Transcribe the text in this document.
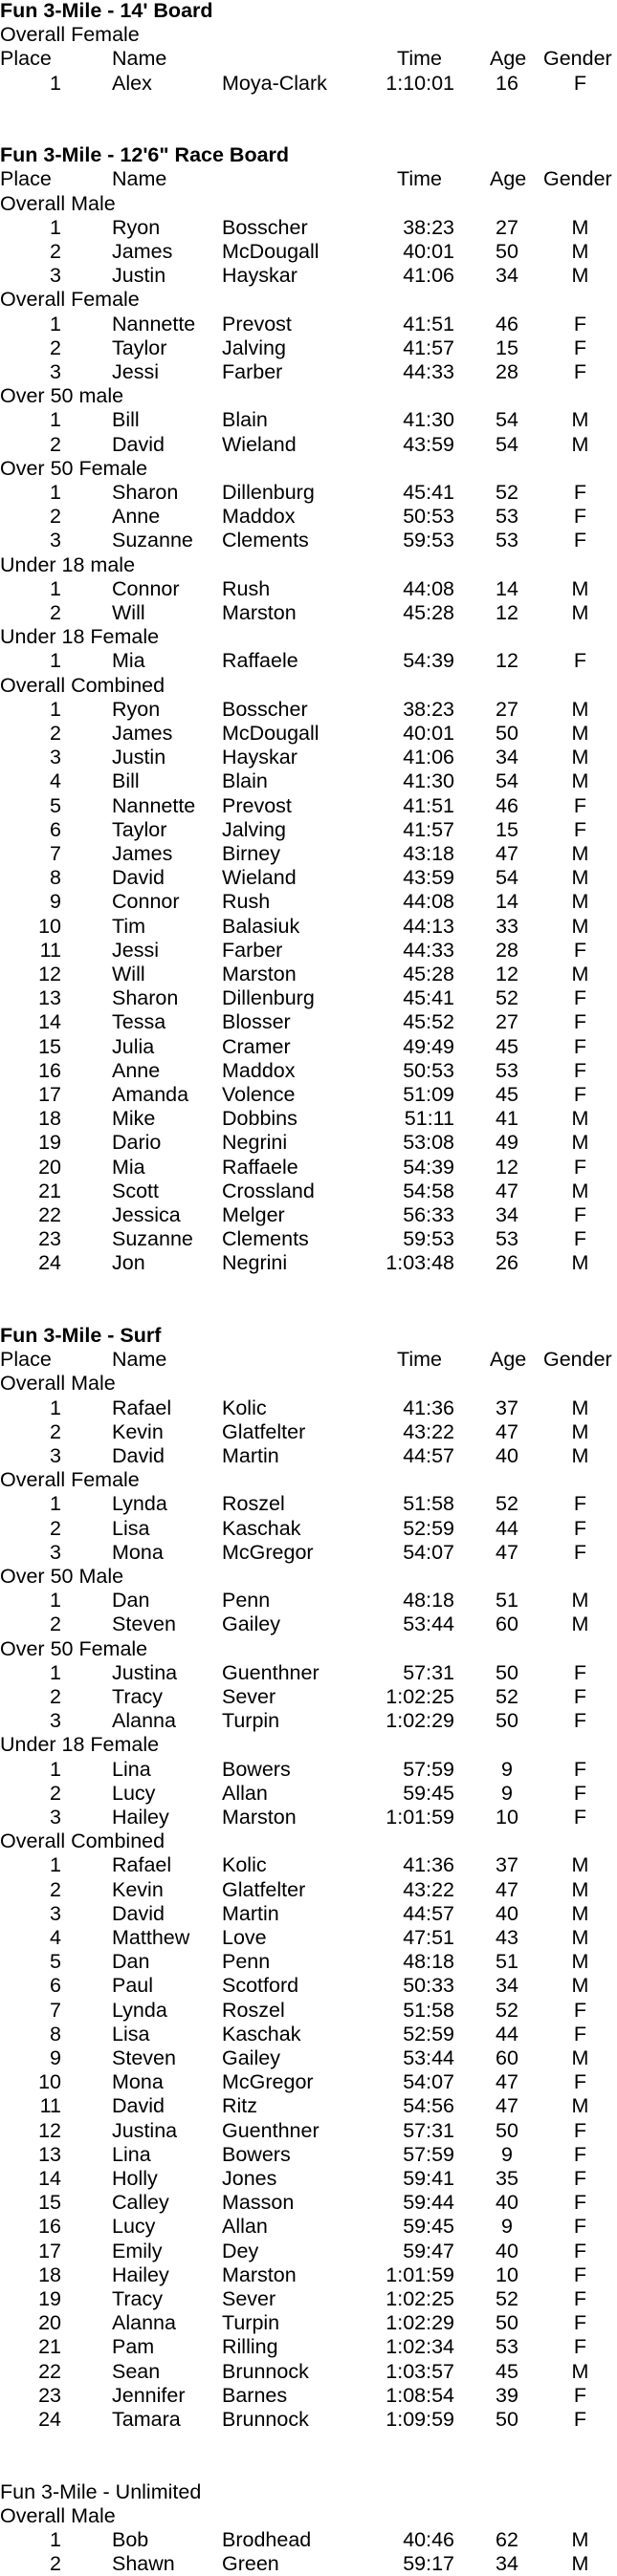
Fun 3-Mile - 14' Board
Overall Female
Place	Name	Time Age Gender
1 Alex	Moya-Clark	1:10:01 16	F
Fun 3-Mile - 12'6" Race Board
Place	Name	Time Age Gender
Overall Male
1 Ryon	Bosscher	38:23 27	M
2 James McDougall	40:01 50	M
3 Justin	Hayskar	41:06 34	M
Overall Female
1 Nannette Prevost	41:51 46	F
2 Taylor	Jalving	41:57 15	F
3 Jessi	Farber	44:33 28	F
Over 50 male
1 Bill	Blain	41:30 54	M
2 David	Wieland	43:59 54	M
Over 50 Female
1 Sharon Dillenburg	45:41 52	F
2 Anne	Maddox	50:53 53	F
3 Suzanne Clements	59:53 53	F
Under 18 male
1 Connor Rush	44:08 14	M
2 Will	Marston	45:28 12	M
Under 18 Female
1 Mia	Raffaele	54:39 12	F
Overall Combined
1 Ryon	Bosscher	38:23 27	M
2 James McDougall	40:01 50	M
3 Justin	Hayskar	41:06 34	M
4 Bill	Blain	41:30 54	M
5 Nannette Prevost	41:51 46	F
6 Taylor	Jalving	41:57 15	F
7 James Birney	43:18 47	M
8 David	Wieland	43:59 54	M
9 Connor Rush	44:08 14	M
10 Tim	Balasiuk	44:13 33	M
11 Jessi	Farber	44:33 28	F
12 Will	Marston	45:28 12	M
13 Sharon Dillenburg	45:41 52	F
14 Tessa	Blosser	45:52 27	F
15 Julia	Cramer	49:49 45	F
16 Anne	Maddox	50:53 53	F
17 Amanda Volence	51:09 45	F
18 Mike	Dobbins	51:11 41	M
19 Dario	Negrini	53:08 49	M
20 Mia	Raffaele	54:39 12	F
21 Scott	Crossland	54:58 47	M
22 Jessica Melger	56:33 34	F
23 Suzanne Clements	59:53 53	F
24 Jon	Negrini	1:03:48 26	M
Fun 3-Mile - Surf
Place	Name	Time Age Gender
Overall Male
1 Rafael Kolic	41:36 37	M
2 Kevin	Glatfelter	43:22 47	M
3 David	Martin	44:57 40	M
Overall Female
1 Lynda	Roszel	51:58 52	F
2 Lisa	Kaschak	52:59 44	F
3 Mona	McGregor	54:07 47	F
Over 50 Male
1 Dan	Penn	48:18 51	M
2 Steven Gailey	53:44 60	M
Over 50 Female
1 Justina Guenthner	57:31 50	F
2 Tracy	Sever	1:02:25 52	F
3 Alanna Turpin	1:02:29 50	F
Under 18 Female
1 Lina	Bowers	57:59	9	F
2 Lucy	Allan	59:45	9	F
3 Hailey	Marston	1:01:59 10	F
Overall Combined
1 Rafael Kolic	41:36 37	M
2 Kevin	Glatfelter	43:22 47	M
3 David	Martin	44:57 40	M
4 Matthew Love	47:51 43	M
5 Dan	Penn	48:18 51	M
6 Paul	Scotford	50:33 34	M
7 Lynda	Roszel	51:58 52	F
8 Lisa	Kaschak	52:59 44	F
9 Steven Gailey	53:44 60	M
10 Mona	McGregor	54:07 47	F
11 David	Ritz	54:56 47	M
12 Justina Guenthner	57:31 50	F
13 Lina	Bowers	57:59	9	F
14 Holly	Jones	59:41 35	F
15 Calley	Masson	59:44 40	F
16 Lucy	Allan	59:45	9	F
17 Emily	Dey	59:47 40	F
18 Hailey	Marston	1:01:59 10	F
19 Tracy	Sever	1:02:25 52	F
20 Alanna Turpin	1:02:29 50	F
21 Pam	Rilling	1:02:34 53	F
22 Sean	Brunnock	1:03:57 45	M
23 Jennifer Barnes	1:08:54 39	F
24 Tamara Brunnock	1:09:59 50	F
Fun 3-Mile - Unlimited
Overall Male
1 Bob	Brodhead	40:46 62	M
2 Shawn Green	59:17 34	M
